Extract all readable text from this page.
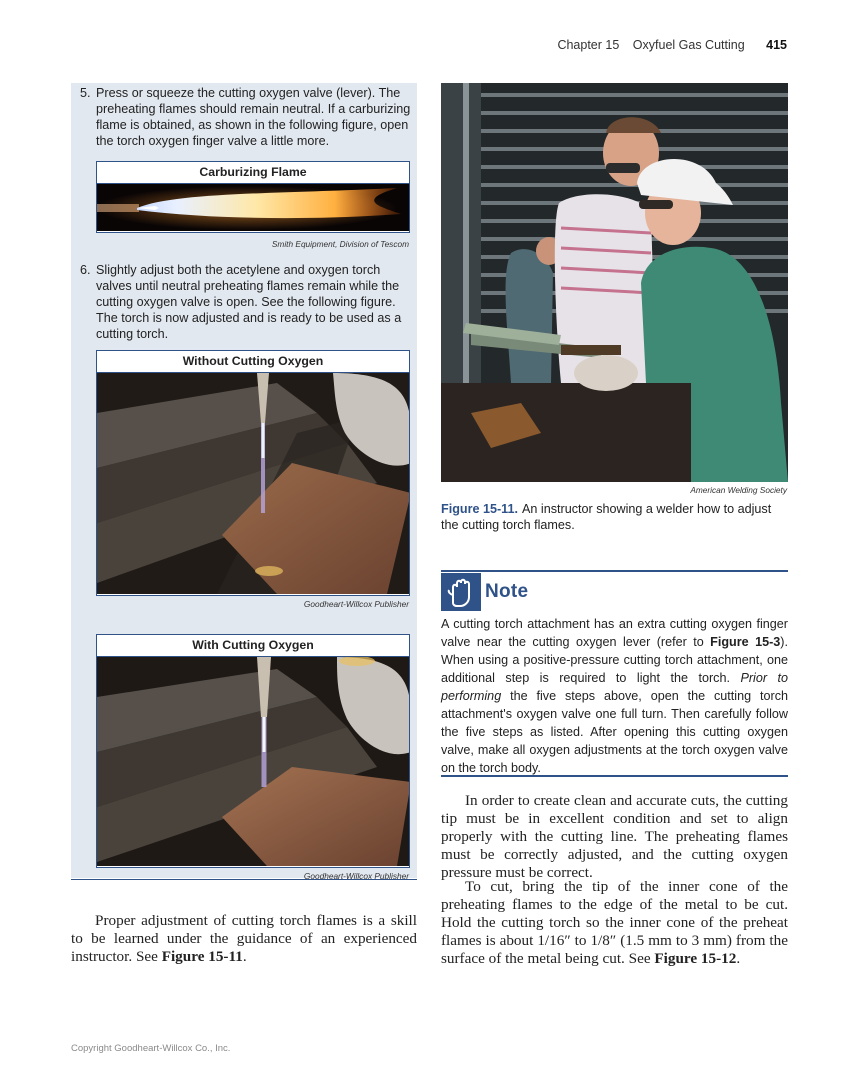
Chapter 15 Oxyfuel Gas Cutting 415
5. Press or squeeze the cutting oxygen valve (lever). The preheating flames should remain neutral. If a carburizing flame is obtained, as shown in the following figure, open the torch oxygen finger valve a little more.
Carburizing Flame
Smith Equipment, Division of Tescom
6. Slightly adjust both the acetylene and oxygen torch valves until neutral preheating flames remain while the cutting oxygen valve is open. See the following figure. The torch is now adjusted and is ready to be used as a cutting torch.
Without Cutting Oxygen
Goodheart-Willcox Publisher
With Cutting Oxygen
Goodheart-Willcox Publisher
Proper adjustment of cutting torch flames is a skill to be learned under the guidance of an experienced instructor. See Figure 15-11.
American Welding Society
Figure 15-11. An instructor showing a welder how to adjust the cutting torch flames.
Note
A cutting torch attachment has an extra cutting oxygen finger valve near the cutting oxygen lever (refer to Figure 15-3). When using a positive-pressure cutting torch attachment, one additional step is required to light the torch. Prior to performing the five steps above, open the cutting torch attachment's oxygen valve one full turn. Then carefully follow the five steps as listed. After opening this cutting oxygen valve, make all oxygen adjustments at the torch oxygen valve on the torch body.
In order to create clean and accurate cuts, the cutting tip must be in excellent condition and set to align properly with the cutting line. The preheating flames must be correctly adjusted, and the cutting oxygen pressure must be correct.
To cut, bring the tip of the inner cone of the preheating flames to the edge of the metal to be cut. Hold the cutting torch so the inner cone of the preheat flames is about 1/16″ to 1/8″ (1.5 mm to 3 mm) from the surface of the metal being cut. See Figure 15-12.
Copyright Goodheart-Willcox Co., Inc.
